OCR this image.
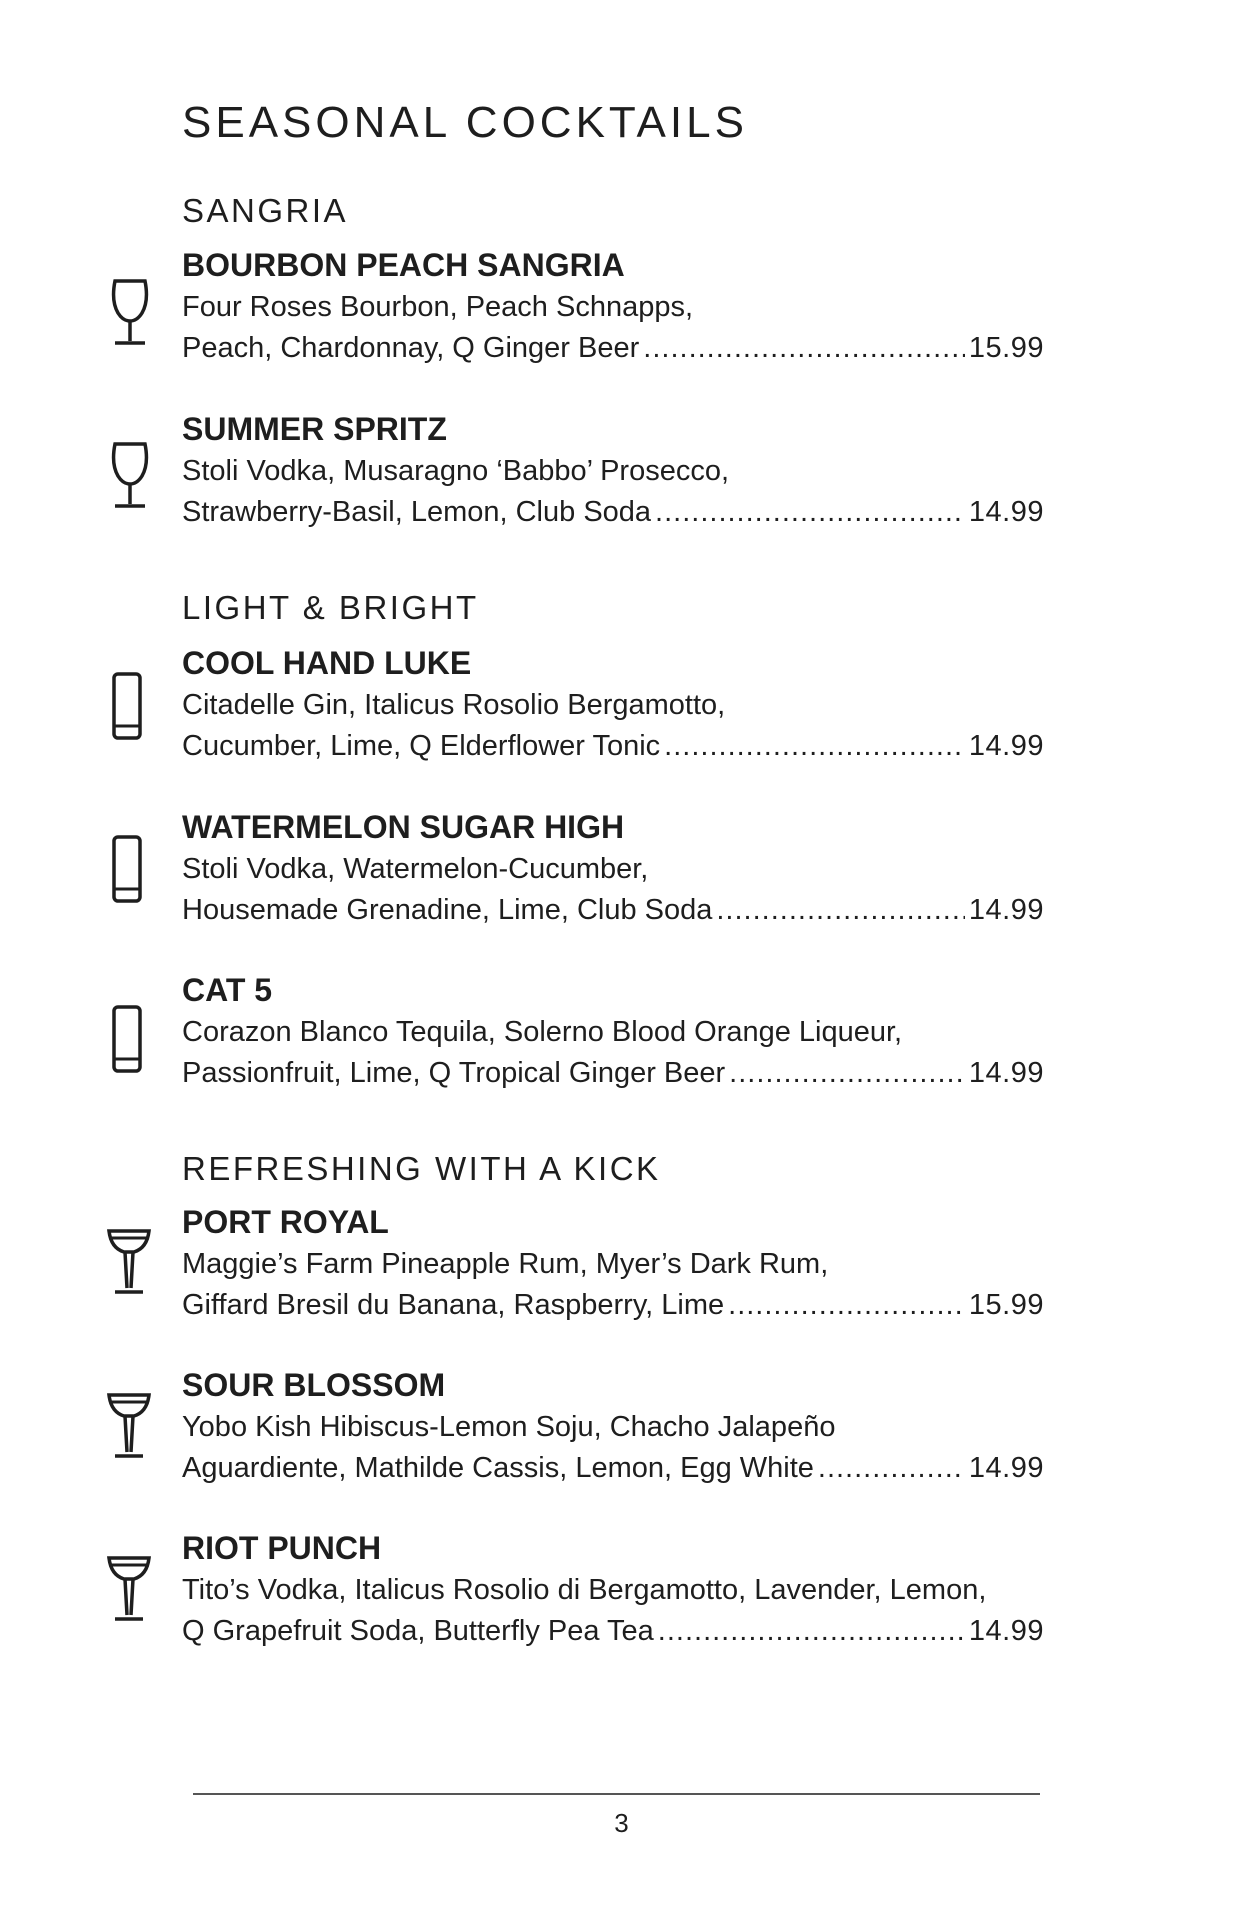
SEASONAL COCKTAILS
SANGRIA
BOURBON PEACH SANGRIA
Four Roses Bourbon, Peach Schnapps,
Peach, Chardonnay, Q Ginger Beer .....	15.99
SUMMER SPRITZ
Stoli Vodka, Musaragno ‘Babbo’ Prosecco,
Strawberry-Basil, Lemon, Club Soda .....	14.99
LIGHT & BRIGHT
COOL HAND LUKE
Citadelle Gin, Italicus Rosolio Bergamotto,
Cucumber, Lime, Q Elderflower Tonic .....	14.99
WATERMELON SUGAR HIGH
Stoli Vodka, Watermelon-Cucumber,
Housemade Grenadine, Lime, Club Soda .....	14.99
CAT 5
Corazon Blanco Tequila, Solerno Blood Orange Liqueur,
Passionfruit, Lime, Q Tropical Ginger Beer .....	14.99
REFRESHING WITH A KICK
PORT ROYAL
Maggie’s Farm Pineapple Rum, Myer’s Dark Rum,
Giffard Bresil du Banana, Raspberry, Lime .....	15.99
SOUR BLOSSOM
Yobo Kish Hibiscus-Lemon Soju, Chacho Jalapeño
Aguardiente, Mathilde Cassis, Lemon, Egg White .....	14.99
RIOT PUNCH
Tito’s Vodka, Italicus Rosolio di Bergamotto, Lavender, Lemon,
Q Grapefruit Soda, Butterfly Pea Tea .....	14.99
3
